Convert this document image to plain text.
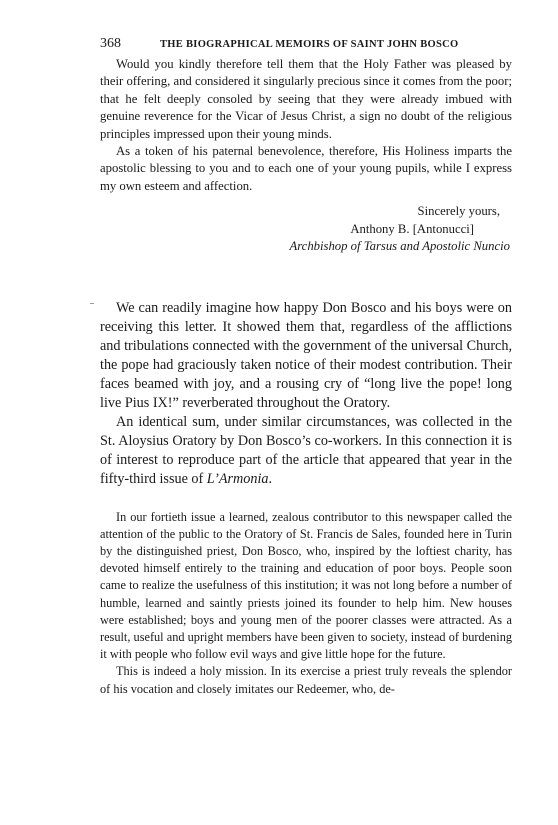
368	THE BIOGRAPHICAL MEMOIRS OF SAINT JOHN BOSCO

Would you kindly therefore tell them that the Holy Father was pleased by their offering, and considered it singularly precious since it comes from the poor; that he felt deeply consoled by seeing that they were already imbued with genuine reverence for the Vicar of Jesus Christ, a sign no doubt of the religious principles impressed upon their young minds.

As a token of his paternal benevolence, therefore, His Holiness imparts the apostolic blessing to you and to each one of your young pupils, while I express my own esteem and affection.

Sincerely yours,
Anthony B. [Antonucci]
Archbishop of Tarsus and Apostolic Nuncio

We can readily imagine how happy Don Bosco and his boys were on receiving this letter. It showed them that, regardless of the afflictions and tribulations connected with the government of the universal Church, the pope had graciously taken notice of their modest contribution. Their faces beamed with joy, and a rousing cry of “long live the pope! long live Pius IX!” reverberated throughout the Oratory.

An identical sum, under similar circumstances, was collected in the St. Aloysius Oratory by Don Bosco’s co-workers. In this connection it is of interest to reproduce part of the article that appeared that year in the fifty-third issue of L’Armonia.

In our fortieth issue a learned, zealous contributor to this newspaper called the attention of the public to the Oratory of St. Francis de Sales, founded here in Turin by the distinguished priest, Don Bosco, who, inspired by the loftiest charity, has devoted himself entirely to the training and education of poor boys. People soon came to realize the usefulness of this institution; it was not long before a number of humble, learned and saintly priests joined its founder to help him. New houses were established; boys and young men of the poorer classes were attracted. As a result, useful and upright members have been given to society, instead of burdening it with people who follow evil ways and give little hope for the future.

This is indeed a holy mission. In its exercise a priest truly reveals the splendor of his vocation and closely imitates our Redeemer, who, de-
